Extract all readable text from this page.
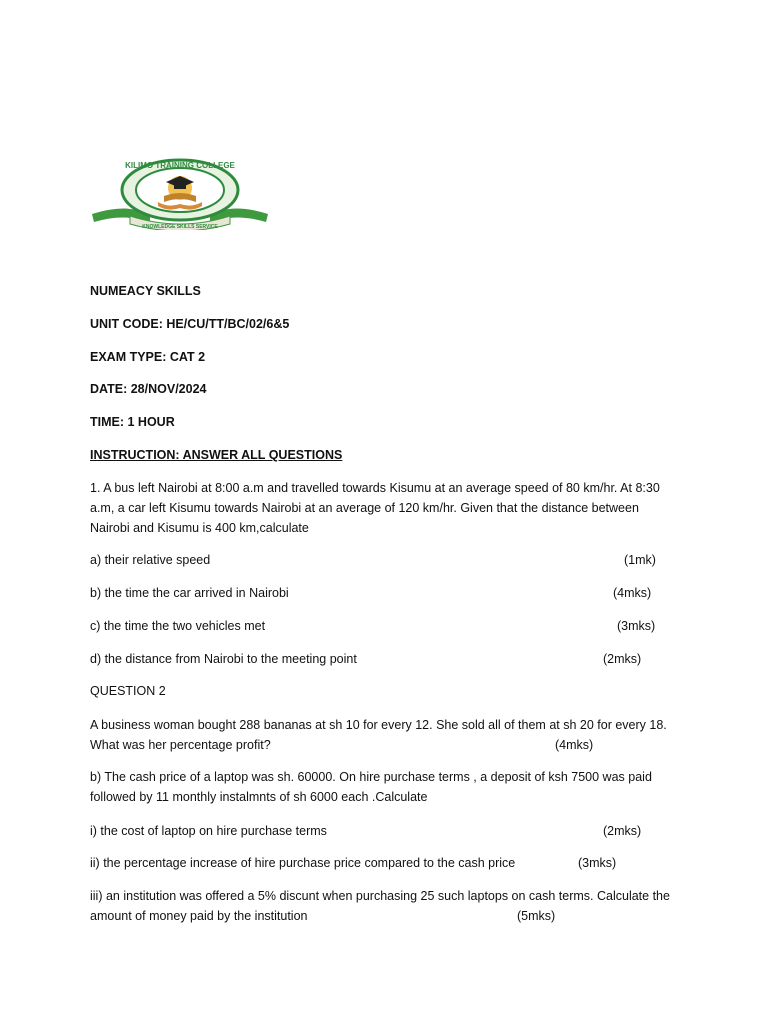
KILIMO TRAINING COLLEGE
KNOWLEDGE SKILLS SERVICE
NUMEACY SKILLS
UNIT CODE: HE/CU/TT/BC/02/6&5
EXAM TYPE: CAT 2
DATE: 28/NOV/2024
TIME: 1 HOUR
INSTRUCTION: ANSWER ALL QUESTIONS
1. A bus left Nairobi at 8:00 a.m and travelled towards Kisumu at an average speed of 80 km/hr. At 8:30 a.m, a car left Kisumu towards Nairobi at an average of 120 km/hr. Given that the distance between Nairobi and Kisumu is 400 km,calculate
a) their relative speed	(1mk)
b) the time the car arrived in Nairobi	(4mks)
c) the time the two vehicles met	(3mks)
d) the distance from Nairobi to the meeting point	(2mks)
QUESTION 2
A business woman bought 288 bananas at sh 10 for every 12. She sold all of them at sh 20 for every 18.
What was her percentage profit?	(4mks)
b) The cash price of a laptop was sh. 60000. On hire purchase terms , a deposit of ksh 7500 was paid followed by 11 monthly instalmnts of sh 6000 each .Calculate
i) the cost of laptop on hire purchase terms	(2mks)
ii) the percentage increase of hire purchase price compared to the cash price	(3mks)
iii) an institution was offered a 5% discunt when purchasing 25 such laptops on cash terms. Calculate the
amount of money paid by the institution	(5mks)
